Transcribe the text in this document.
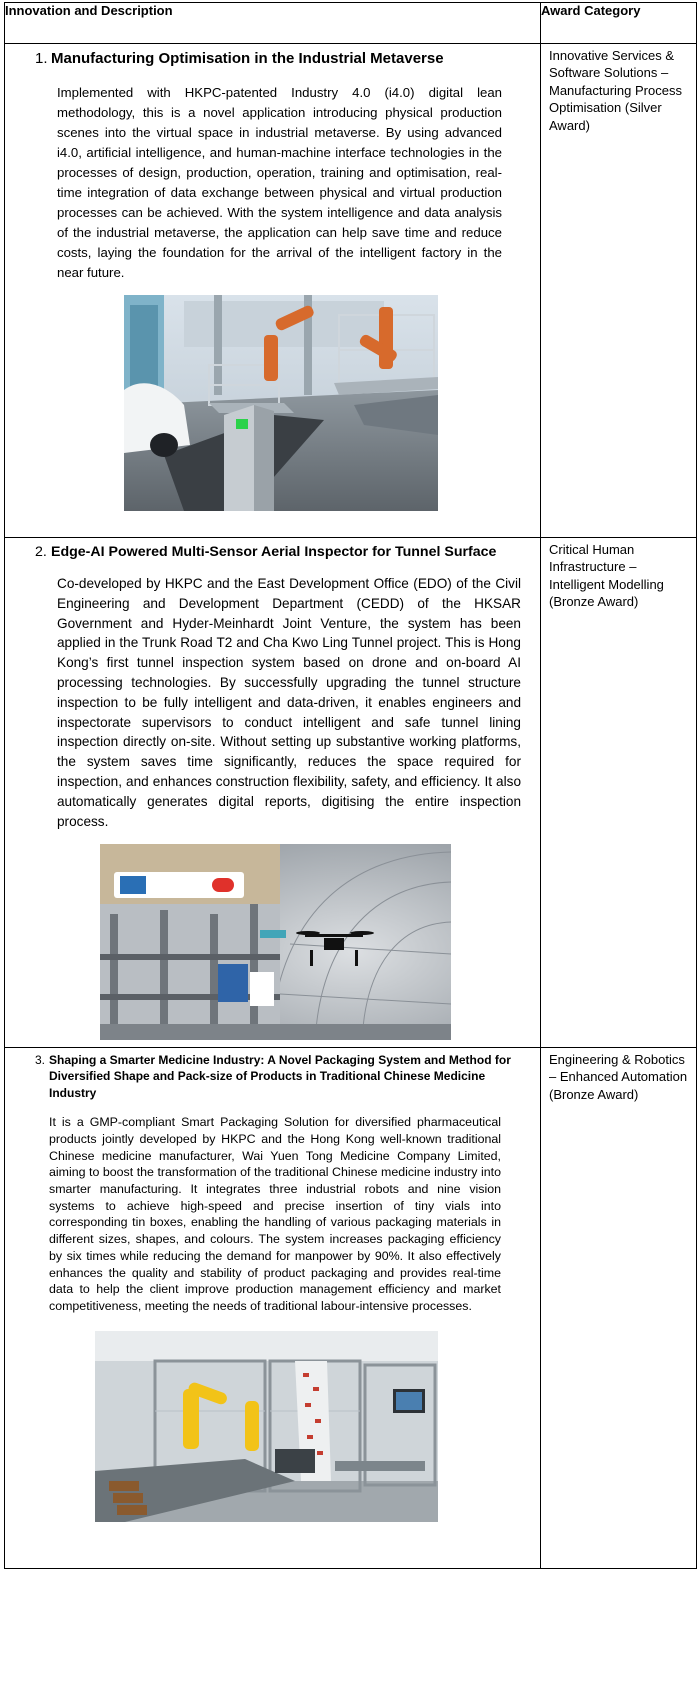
Innovation and Description	Award Category

1. Manufacturing Optimisation in the Industrial Metaverse

Implemented with HKPC-patented Industry 4.0 (i4.0) digital lean methodology, this is a novel application introducing physical production scenes into the virtual space in industrial metaverse. By using advanced i4.0, artificial intelligence, and human-machine interface technologies in the processes of design, production, operation, training and optimisation, real-time integration of data exchange between physical and virtual production processes can be achieved. With the system intelligence and data analysis of the industrial metaverse, the application can help save time and reduce costs, laying the foundation for the arrival of the intelligent factory in the near future.	Innovative Services & Software Solutions – Manufacturing Process Optimisation (Silver Award)

2. Edge-AI Powered Multi-Sensor Aerial Inspector for Tunnel Surface

Co-developed by HKPC and the East Development Office (EDO) of the Civil Engineering and Development Department (CEDD) of the HKSAR Government and Hyder-Meinhardt Joint Venture, the system has been applied in the Trunk Road T2 and Cha Kwo Ling Tunnel project. This is Hong Kong’s first tunnel inspection system based on drone and on-board AI processing technologies. By successfully upgrading the tunnel structure inspection to be fully intelligent and data-driven, it enables engineers and inspectorate supervisors to conduct intelligent and safe tunnel lining inspection directly on-site. Without setting up substantive working platforms, the system saves time significantly, reduces the space required for inspection, and enhances construction flexibility, safety, and efficiency. It also automatically generates digital reports, digitising the entire inspection process.	Critical Human Infrastructure – Intelligent Modelling (Bronze Award)

3. Shaping a Smarter Medicine Industry: A Novel Packaging System and Method for Diversified Shape and Pack-size of Products in Traditional Chinese Medicine Industry

It is a GMP-compliant Smart Packaging Solution for diversified pharmaceutical products jointly developed by HKPC and the Hong Kong well-known traditional Chinese medicine manufacturer, Wai Yuen Tong Medicine Company Limited, aiming to boost the transformation of the traditional Chinese medicine industry into smarter manufacturing. It integrates three industrial robots and nine vision systems to achieve high-speed and precise insertion of tiny vials into corresponding tin boxes, enabling the handling of various packaging materials in different sizes, shapes, and colours. The system increases packaging efficiency by six times while reducing the demand for manpower by 90%. It also effectively enhances the quality and stability of product packaging and provides real-time data to help the client improve production management efficiency and market competitiveness, meeting the needs of traditional labour-intensive processes.	Engineering & Robotics – Enhanced Automation (Bronze Award)
